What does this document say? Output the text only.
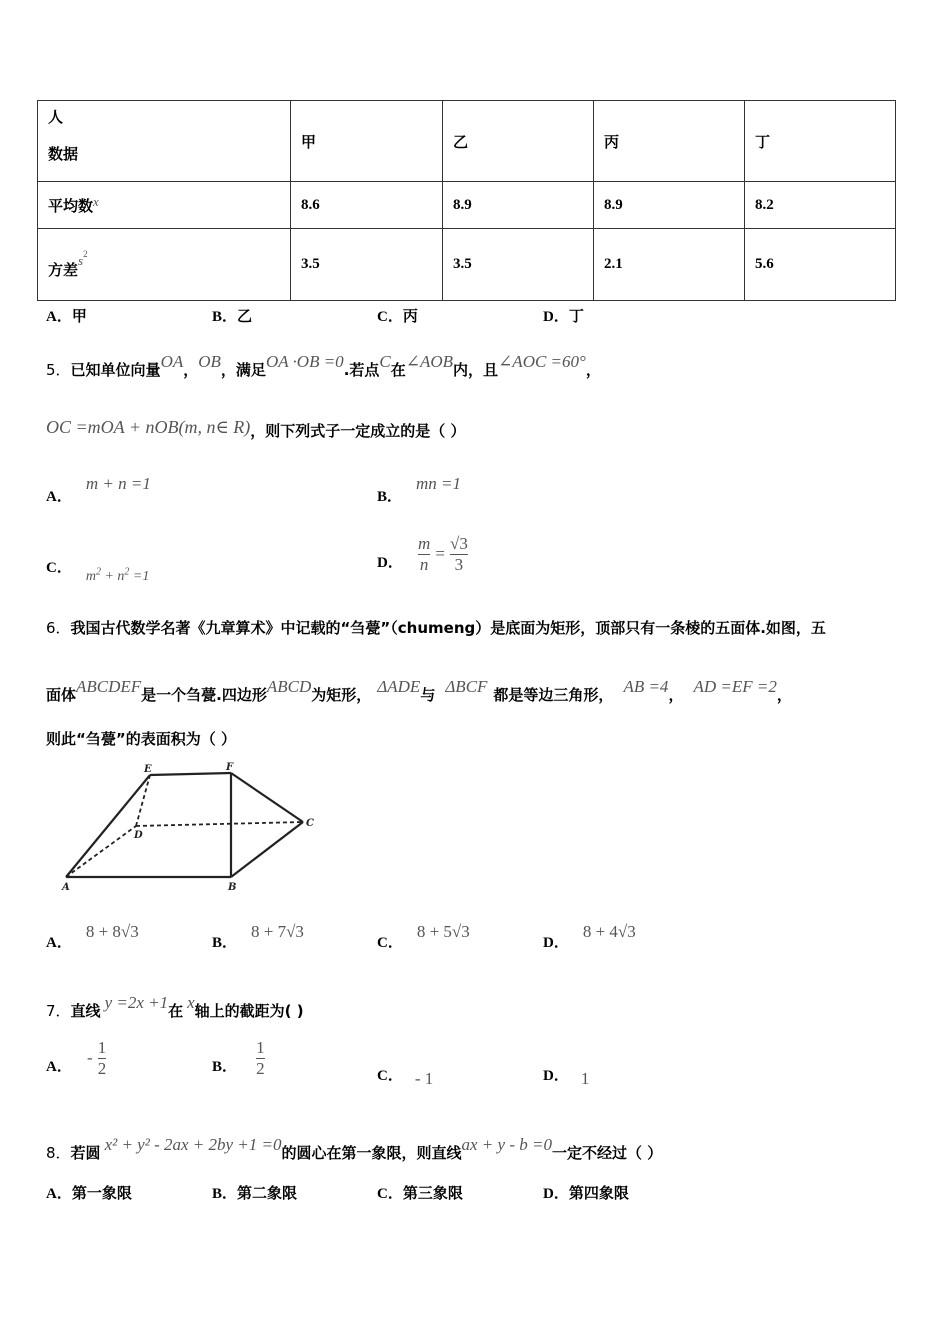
人
数据	甲	乙	丙	丁
平均数$^x$	8.6	8.9	8.9	8.2
方差$^{s2}$	3.5	3.5	2.1	5.6
A．甲	B．乙	C．丙	D．丁
5．已知单位向量OA，OB，满足OA ·OB =0.若点C在∠AOB内，且∠AOC =60°，
OC =mOA + nOB(m, n∈ R)，则下列式子一定成立的是（ ）
A．m + n =1
B．mn =1
C．$m^2 + n^2 =1$
D． $\frac{m}{n} = \frac{√3}{3}$
6．我国古代数学名著《九章算术》中记载的“刍甍”（chumeng）是底面为矩形，顶部只有一条棱的五面体.如图，五
面体ABCDEF是一个刍甍.四边形ABCD为矩形， ΔADE与 ΔBCF 都是等边三角形， AB =4， AD =EF =2，
则此“刍甍”的表面积为（ ）
E	F
D
C
A	B
A．8 + 8√3
B．8 + 7√3
C．8 + 5√3
D．8 + 4√3
7．直线 y =2x +1在 x轴上的截距为( )
A． - $\frac{1}{2}$	B． $\frac{1}{2}$	C． - 1	D． 1
8．若圆 x² + y² - 2ax + 2by +1 =0的圆心在第一象限，则直线ax + y - b =0一定不经过（ ）
A．第一象限	B．第二象限	C．第三象限	D．第四象限
